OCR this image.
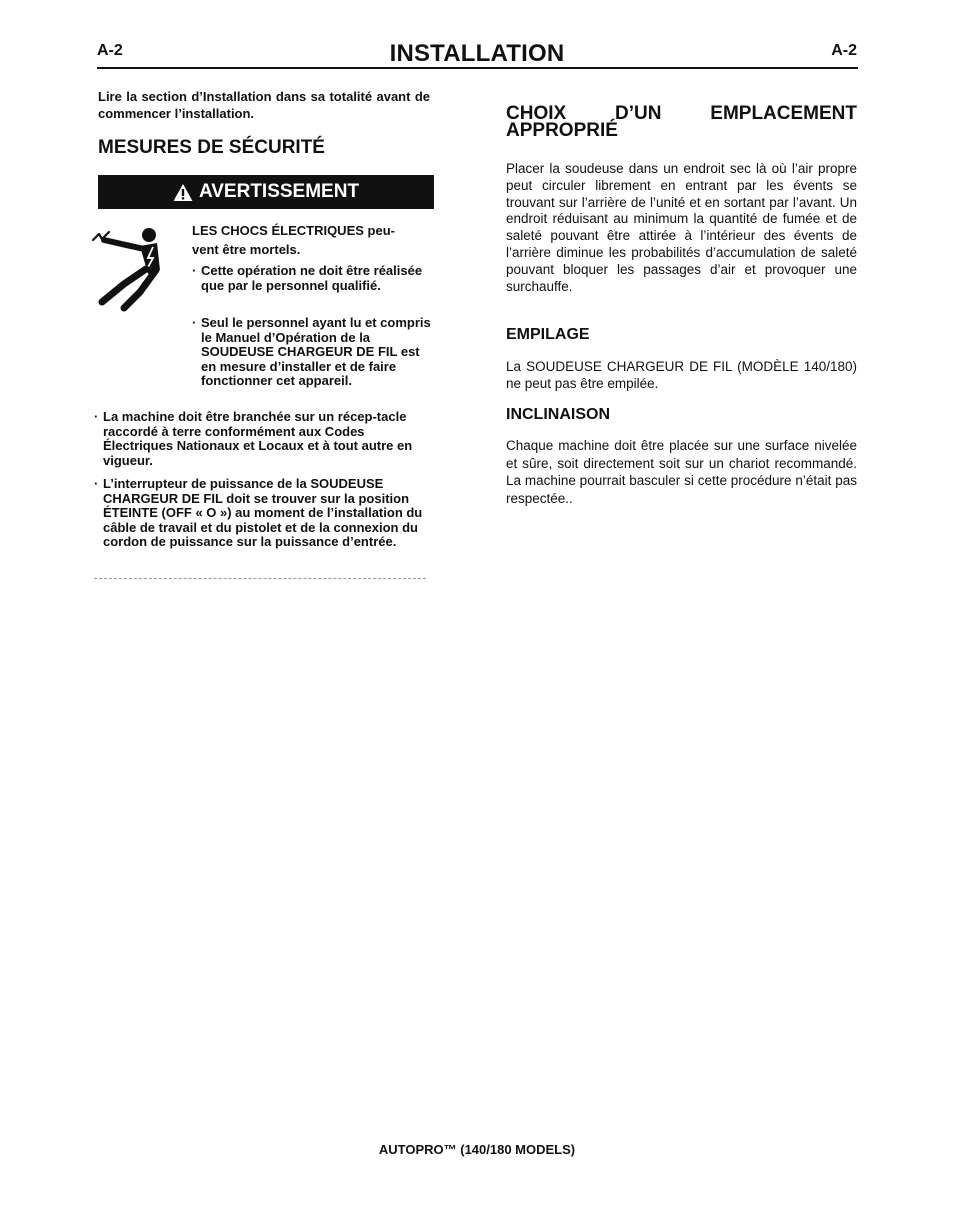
A-2	INSTALLATION	A-2
Lire la section d’Installation dans sa totalité avant de commencer l’installation.
MESURES DE SÉCURITÉ
AVERTISSEMENT
LES CHOCS ÉLECTRIQUES peu-
vent être mortels.
· Cette opération ne doit être réalisée que par le personnel qualifié.
· Seul le personnel ayant lu et compris le Manuel d’Opération de la SOUDEUSE CHARGEUR DE FIL est en mesure d’installer et de faire fonctionner cet appareil.
· La machine doit être branchée sur un récep-tacle raccordé à terre conformément aux Codes Électriques Nationaux et Locaux et à tout autre en vigueur.
· L’interrupteur de puissance de la SOUDEUSE CHARGEUR DE FIL doit se trouver sur la position ÉTEINTE (OFF « O ») au moment de l’installation du câble de travail et du pistolet et de la connexion du cordon de puissance sur la puissance d’entrée.
CHOIX	D’UN	EMPLACEMENT
APPROPRIÉ
Placer la soudeuse dans un endroit sec là où l’air propre peut circuler librement en entrant par les évents se trouvant sur l’arrière de l’unité et en sortant par l’avant. Un endroit réduisant au minimum la quantité de fumée et de saleté pouvant être attirée à l’intérieur des évents de l’arrière diminue les probabilités d’accumulation de saleté pouvant bloquer les passages d’air et provoquer une surchauffe.
EMPILAGE
La SOUDEUSE CHARGEUR DE FIL (MODÈLE 140/180) ne peut pas être empilée.
INCLINAISON
Chaque machine doit être placée sur une surface nivelée et sûre, soit directement soit sur un chariot recommandé. La machine pourrait basculer si cette procédure n’était pas respectée..
AUTOPRO™ (140/180 MODELS)
